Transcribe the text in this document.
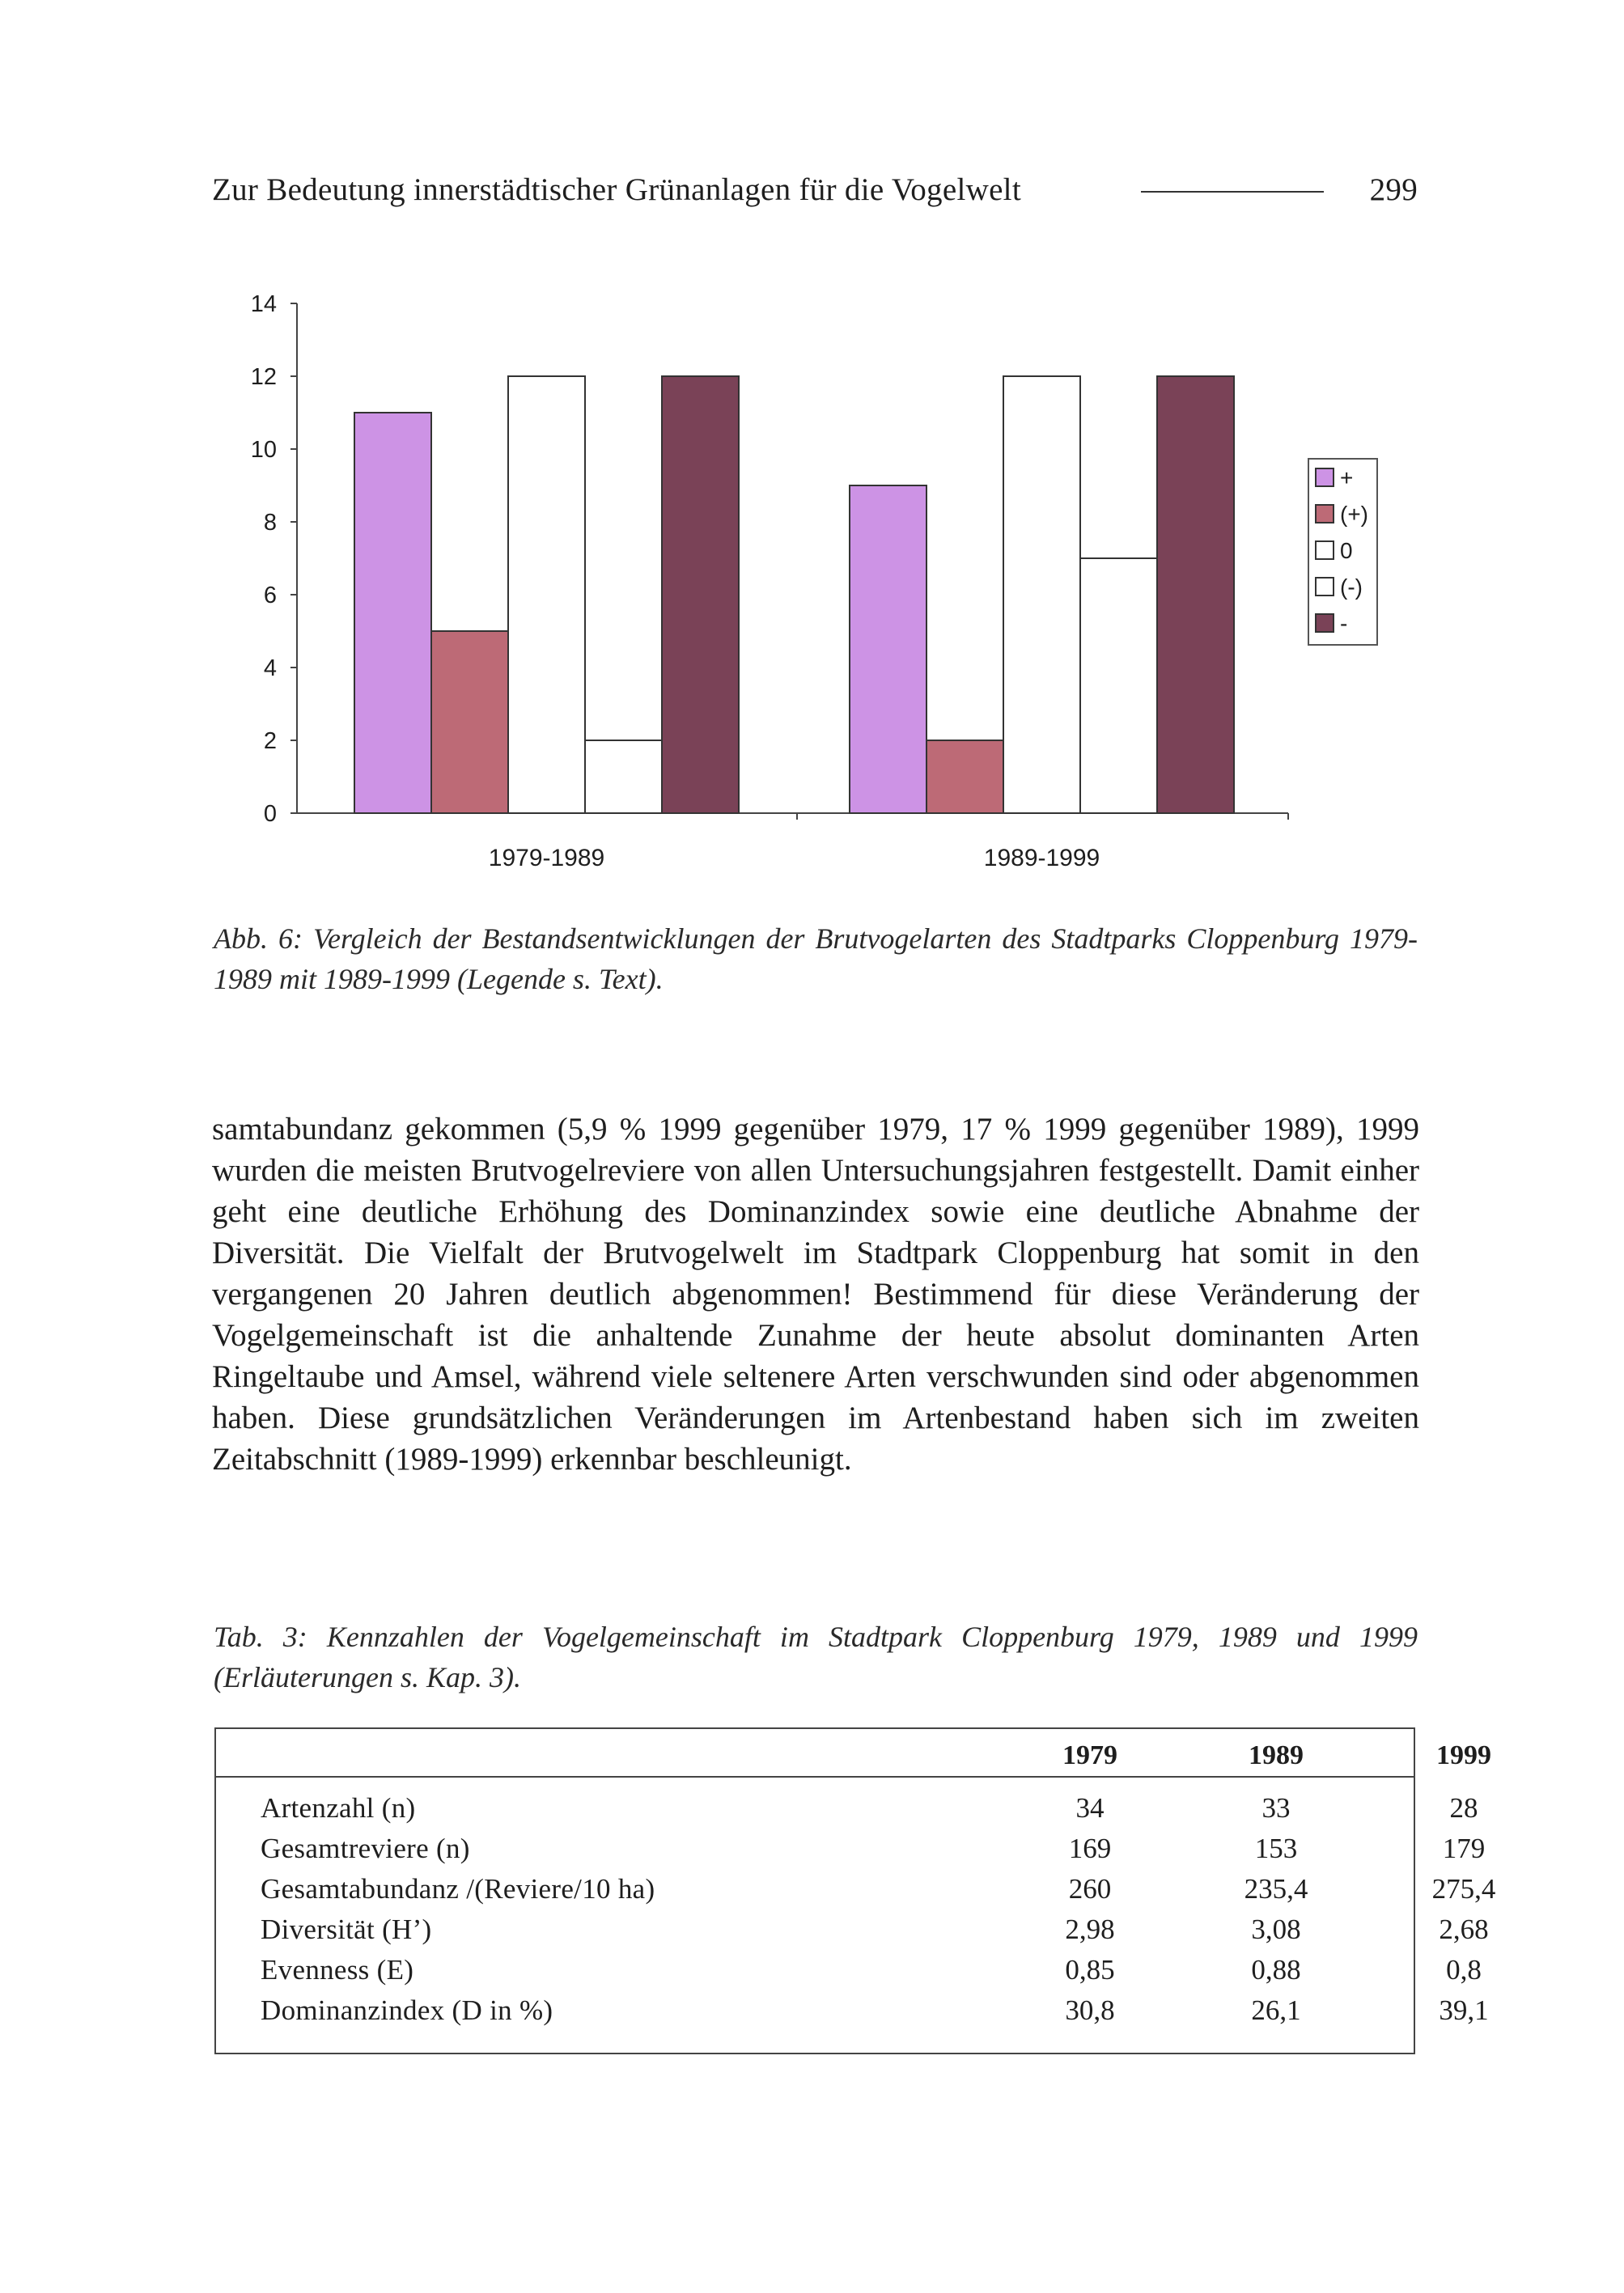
Zur Bedeutung innerstädtischer Grünanlagen für die Vogelwelt	299
0
2
4
6
8
10
12
14
1979-1989	1989-1999
+
(+)
0
(-)
-
Abb. 6: Vergleich der Bestandsentwicklungen der Brutvogelarten des Stadtparks Cloppenburg 1979-1989 mit 1989-1999 (Legende s. Text).
samtabundanz gekommen (5,9 % 1999 gegenüber 1979, 17 % 1999 gegenüber 1989), 1999 wurden die meisten Brutvogelreviere von allen Untersuchungsjahren festgestellt. Damit einher geht eine deutliche Erhöhung des Dominanzindex sowie eine deutliche Abnahme der Diversität. Die Vielfalt der Brutvogelwelt im Stadtpark Cloppenburg hat somit in den vergangenen 20 Jahren deutlich abgenommen! Bestimmend für diese Veränderung der Vogelgemeinschaft ist die anhaltende Zunahme der heute absolut dominanten Arten Ringeltaube und Amsel, während viele seltenere Arten verschwunden sind oder abgenommen haben. Diese grundsätzlichen Veränderungen im Artenbestand haben sich im zweiten Zeitabschnitt (1989-1999) erkennbar beschleunigt.
Tab. 3: Kennzahlen der Vogelgemeinschaft im Stadtpark Cloppenburg 1979, 1989 und 1999 (Erläuterungen s. Kap. 3).
1979	1989	1999
Artenzahl (n)	34	33	28
Gesamtreviere (n)	169	153	179
Gesamtabundanz /(Reviere/10 ha)	260	235,4	275,4
Diversität (H’)	2,98	3,08	2,68
Evenness (E)	0,85	0,88	0,8
Dominanzindex (D in %)	30,8	26,1	39,1
